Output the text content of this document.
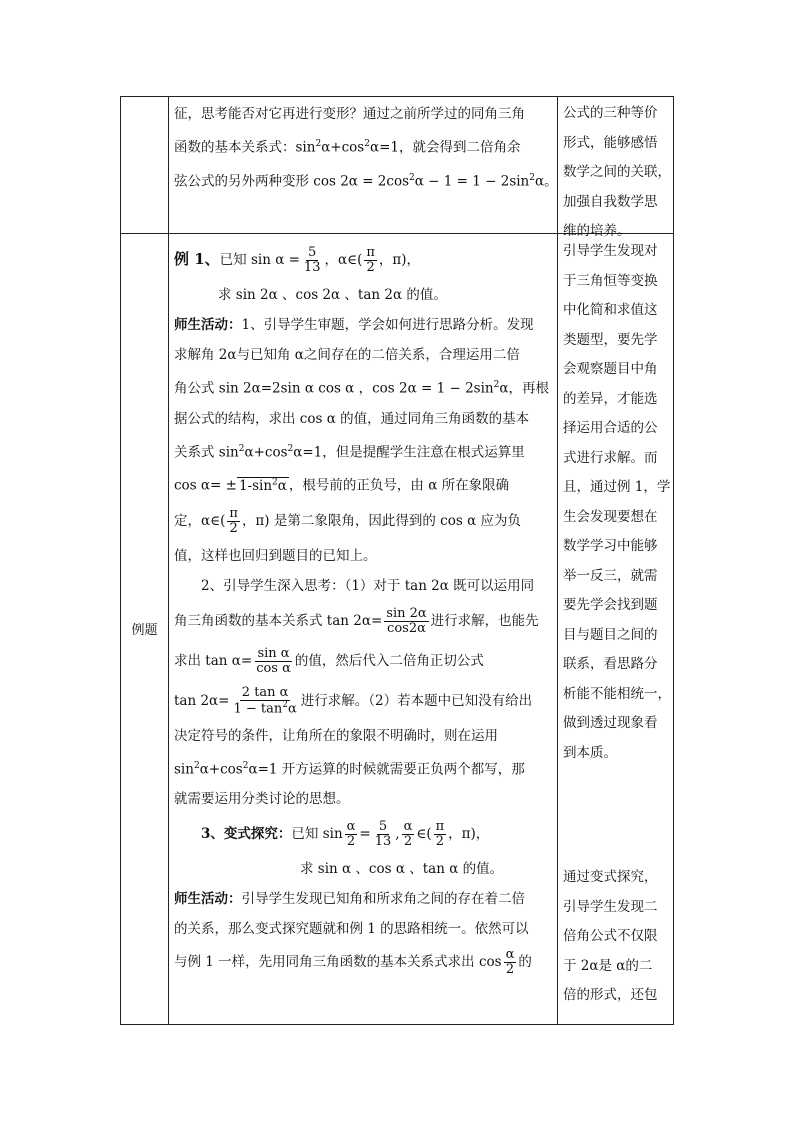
例题

征，思考能否对它再进行变形？通过之前所学过的同角三角

函数的基本关系式：$\sin^2\alpha+\cos^2\alpha=1$，就会得到二倍角余

弦公式的另外两种变形 $\cos 2\alpha = 2\cos^2\alpha - 1 = 1 - 2\sin^2\alpha$。

公式的三种等价

形式，能够感悟

数学之间的关联，

加强自我数学思

维的培养。

例 1、已知 $\sin \alpha = \frac{5}{13}$ ，α∈( $\frac{\pi}{2}$ ，π)，

求 sin 2α 、cos 2α 、tan 2α 的值。

师生活动：1、引导学生审题，学会如何进行思路分析。发现

求解角 2α与已知角 α之间存在的二倍关系，合理运用二倍

角公式 sin 2α=2sin α cos α ，$\cos 2\alpha = 1 - 2\sin^2\alpha$，再根

据公式的结构，求出 cos α 的值，通过同角三角函数的基本

关系式 $\sin^2\alpha+\cos^2\alpha=1$，但是提醒学生注意在根式运算里

$\cos \alpha= \pm 1-\sin^2\alpha$ ，根号前的正负号，由 α 所在象限确

定，α∈( $\frac{\pi}{2}$ ，π) 是第二象限角，因此得到的 cos α 应为负

值，这样也回归到题目的已知上。

2、引导学生深入思考：（1）对于 tan 2α 既可以运用同

角三角函数的基本关系式 $\tan 2\alpha= \frac{\sin 2\alpha}{\cos 2\alpha}$ 进行求解，也能先

求出 $\tan \alpha= \frac{\text{sin α}}{\text{cos α}}$ 的值，然后代入二倍角正切公式

$\tan 2\alpha= \frac{\text{2 tan α}}{1 - \tan^2\alpha}$ 进行求解。（2）若本题中已知没有给出

决定符号的条件，让角所在的象限不明确时，则在运用

$\sin^2\alpha+\cos^2\alpha=1$ 开方运算的时候就需要正负两个都写，那

就需要运用分类讨论的思想。

3、变式探究：已知 $\sin \frac{\alpha}{2} = \frac{5}{13}$ , $\frac{\alpha}{2}$ ∈( $\frac{\pi}{2}$ ，π)，

求 sin α 、cos α 、tan α 的值。

师生活动：引导学生发现已知角和所求角之间的存在着二倍

的关系，那么变式探究题就和例 1 的思路相统一。依然可以

与例 1 一样，先用同角三角函数的基本关系式求出 $\cos \frac{\alpha}{2}$ 的

引导学生发现对

于三角恒等变换

中化简和求值这

类题型，要先学

会观察题目中角

的差异，才能选

择运用合适的公

式进行求解。而

且，通过例 1，学

生会发现要想在

数学学习中能够

举一反三，就需

要先学会找到题

目与题目之间的

联系，看思路分

析能不能相统一，

做到透过现象看

到本质。

通过变式探究，

引导学生发现二

倍角公式不仅限

于 2α是 α的二

倍的形式，还包
